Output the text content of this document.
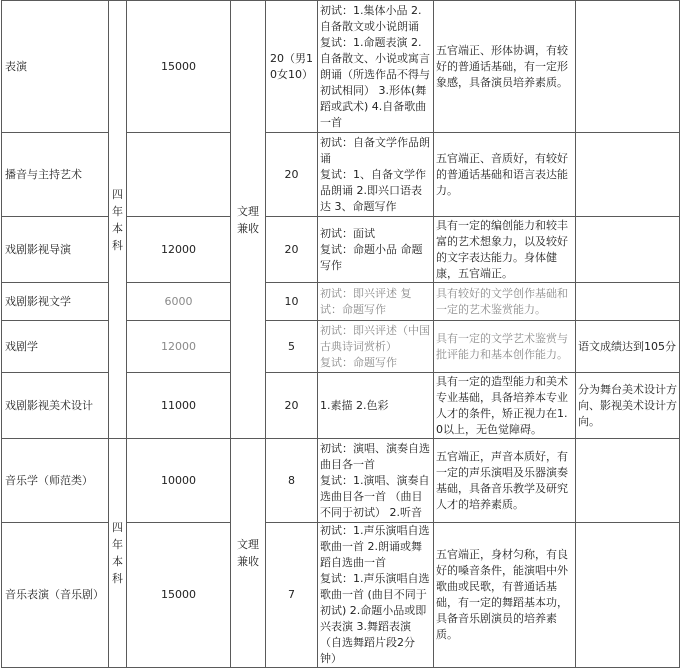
表演	四年本科	15000	文理兼收	20（男10女10）	初试：1.集体小品 2.自备散文或小说朗诵
复试：1.命题表演 2.自备散文、小说或寓言朗诵（所选作品不得与初试相同） 3.形体(舞蹈或武术) 4.自备歌曲一首	五官端正、形体协调，有较好的普通话基础，有一定形象感，具备演员培养素质。	
播音与主持艺术				20	初试：自备文学作品朗诵
复试：1、自备文学作品朗诵 2.即兴口语表达 3、命题写作	五官端正、音质好，有较好的普通话基础和语言表达能力。	
戏剧影视导演		12000		20	初试：面试
复试：命题小品 命题写作	具有一定的编创能力和较丰富的艺术想象力，以及较好的文字表达能力。身体健康，五官端正。	
戏剧影视文学		6000		10	初试：即兴评述 复试：命题写作	具有较好的文学创作基础和一定的艺术鉴赏能力。	
戏剧学		12000		5	初试：即兴评述（中国古典诗词赏析）
复试：命题写作	具有一定的文学艺术鉴赏与批评能力和基本创作能力。	语文成绩达到105分
戏剧影视美术设计		11000		20	1.素描 2.色彩	具有一定的造型能力和美术专业基础，具备培养本专业人才的条件，矫正视力在1.0以上，无色觉障碍。	分为舞台美术设计方向、影视美术设计方向。
音乐学（师范类）	四年本科	10000	文理兼收	8	初试：演唱、演奏自选曲目各一首
复试：1.演唱、演奏自选曲目各一首 （曲目不同于初试） 2.听音	五官端正，声音本质好，有一定的声乐演唱及乐器演奏基础，具备音乐教学及研究人才的培养素质。	
音乐表演（音乐剧）		15000		7	初试：1.声乐演唱自选歌曲一首 2.朗诵或舞蹈自选曲一首
复试：1.声乐演唱自选歌曲一首 (曲目不同于初试) 2.命题小品或即兴表演 3.舞蹈表演（自选舞蹈片段2分钟）	五官端正，身材匀称，有良好的嗓音条件，能演唱中外歌曲或民歌，有普通话基础，有一定的舞蹈基本功，具备音乐剧演员的培养素质。	
